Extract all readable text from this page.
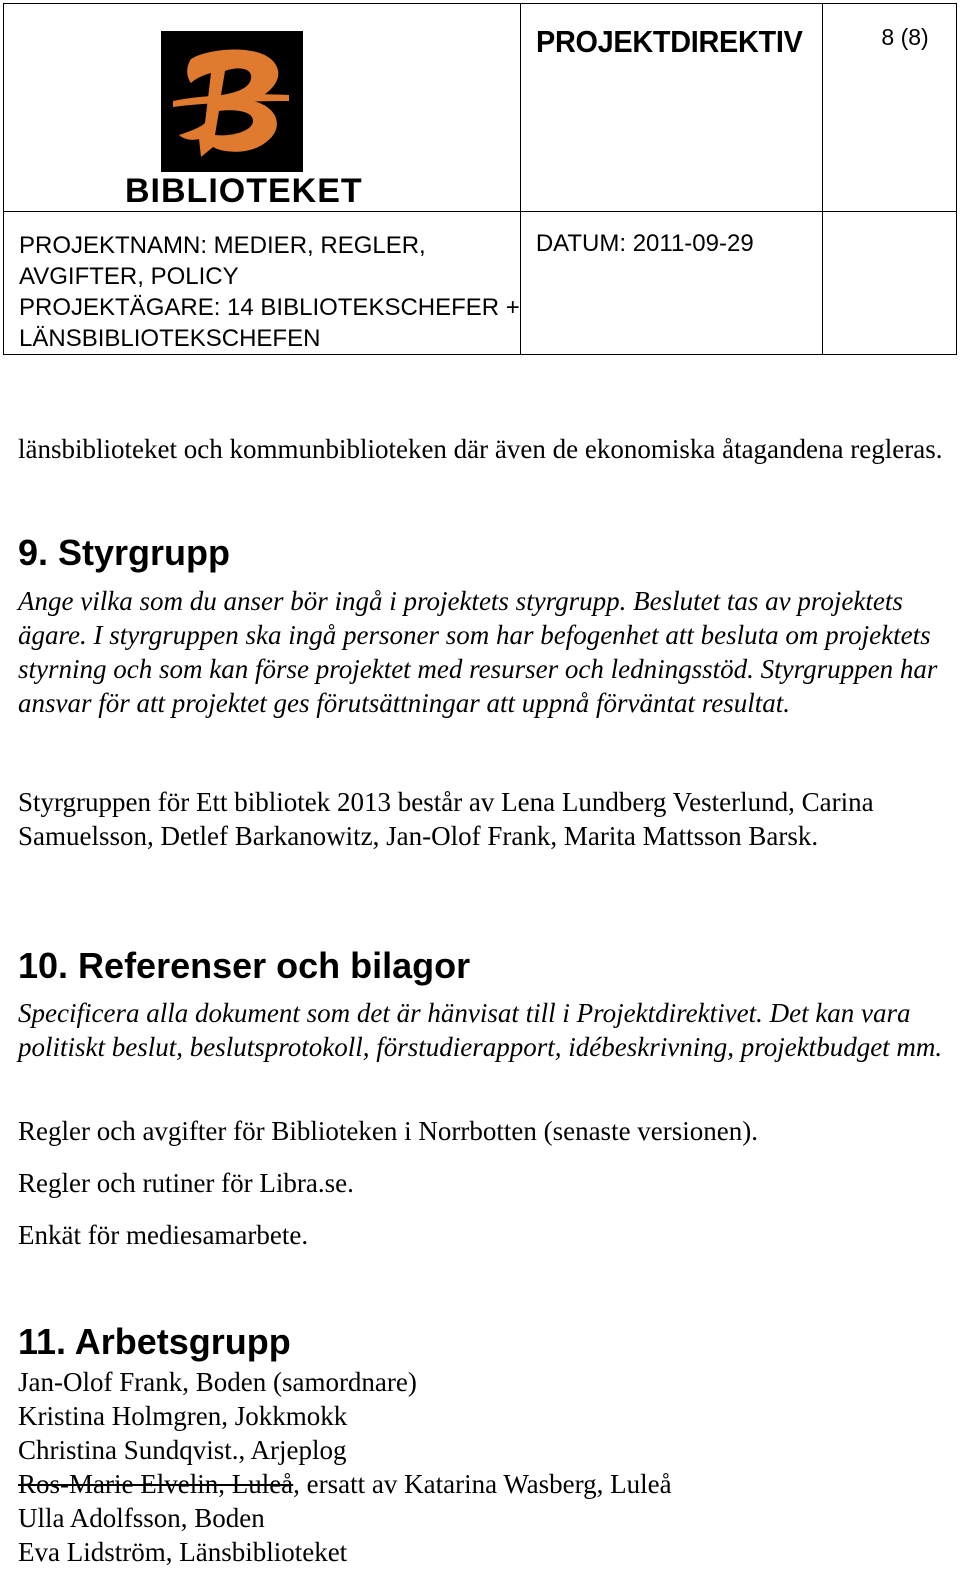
BIBLIOTEKET	PROJEKTDIREKTIV	8 (8)

PROJEKTNAMN: MEDIER, REGLER,
AVGIFTER, POLICY
PROJEKTÄGARE: 14 BIBLIOTEKSCHEFER +
LÄNSBIBLIOTEKSCHEFEN	DATUM: 2011-09-29	
länsbiblioteket och kommunbiblioteken där även de ekonomiska åtagandena regleras.
9. Styrgrupp
Ange vilka som du anser bör ingå i projektets styrgrupp. Beslutet tas av projektets ägare. I styrgruppen ska ingå personer som har befogenhet att besluta om projektets styrning och som kan förse projektet med resurser och ledningsstöd. Styrgruppen har ansvar för att projektet ges förutsättningar att uppnå förväntat resultat.
Styrgruppen för Ett bibliotek 2013 består av Lena Lundberg Vesterlund, Carina Samuelsson, Detlef Barkanowitz, Jan-Olof Frank, Marita Mattsson Barsk.
10. Referenser och bilagor
Specificera alla dokument som det är hänvisat till i Projektdirektivet. Det kan vara politiskt beslut, beslutsprotokoll, förstudierapport, idébeskrivning, projektbudget mm.
Regler och avgifter för Biblioteken i Norrbotten (senaste versionen).
Regler och rutiner för Libra.se.
Enkät för mediesamarbete.
11. Arbetsgrupp
Jan-Olof Frank, Boden (samordnare)
Kristina Holmgren, Jokkmokk
Christina Sundqvist., Arjeplog
Ros-Marie Elvelin, Luleå, ersatt av Katarina Wasberg, Luleå
Ulla Adolfsson, Boden
Eva Lidström, Länsbiblioteket
